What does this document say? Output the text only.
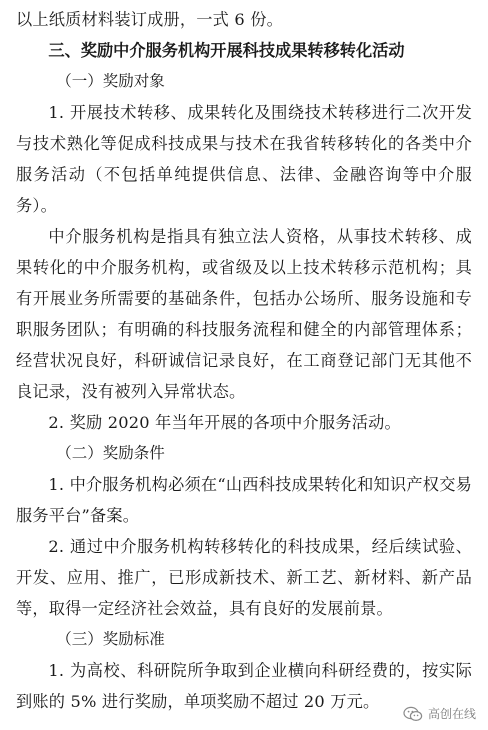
以上纸质材料装订成册，一式 6 份。

三、奖励中介服务机构开展科技成果转移转化活动

（一）奖励对象

1. 开展技术转移、成果转化及围绕技术转移进行二次开发与技术熟化等促成科技成果与技术在我省转移转化的各类中介服务活动（不包括单纯提供信息、法律、金融咨询等中介服务）。

中介服务机构是指具有独立法人资格，从事技术转移、成果转化的中介服务机构，或省级及以上技术转移示范机构；具有开展业务所需要的基础条件，包括办公场所、服务设施和专职服务团队；有明确的科技服务流程和健全的内部管理体系；经营状况良好，科研诚信记录良好，在工商登记部门无其他不良记录，没有被列入异常状态。

2. 奖励 2020 年当年开展的各项中介服务活动。

（二）奖励条件

1. 中介服务机构必须在“山西科技成果转化和知识产权交易服务平台”备案。

2. 通过中介服务机构转移转化的科技成果，经后续试验、开发、应用、推广，已形成新技术、新工艺、新材料、新产品等，取得一定经济社会效益，具有良好的发展前景。

（三）奖励标准

1. 为高校、科研院所争取到企业横向科研经费的，按实际到账的 5% 进行奖励，单项奖励不超过 20 万元。

高创在线
